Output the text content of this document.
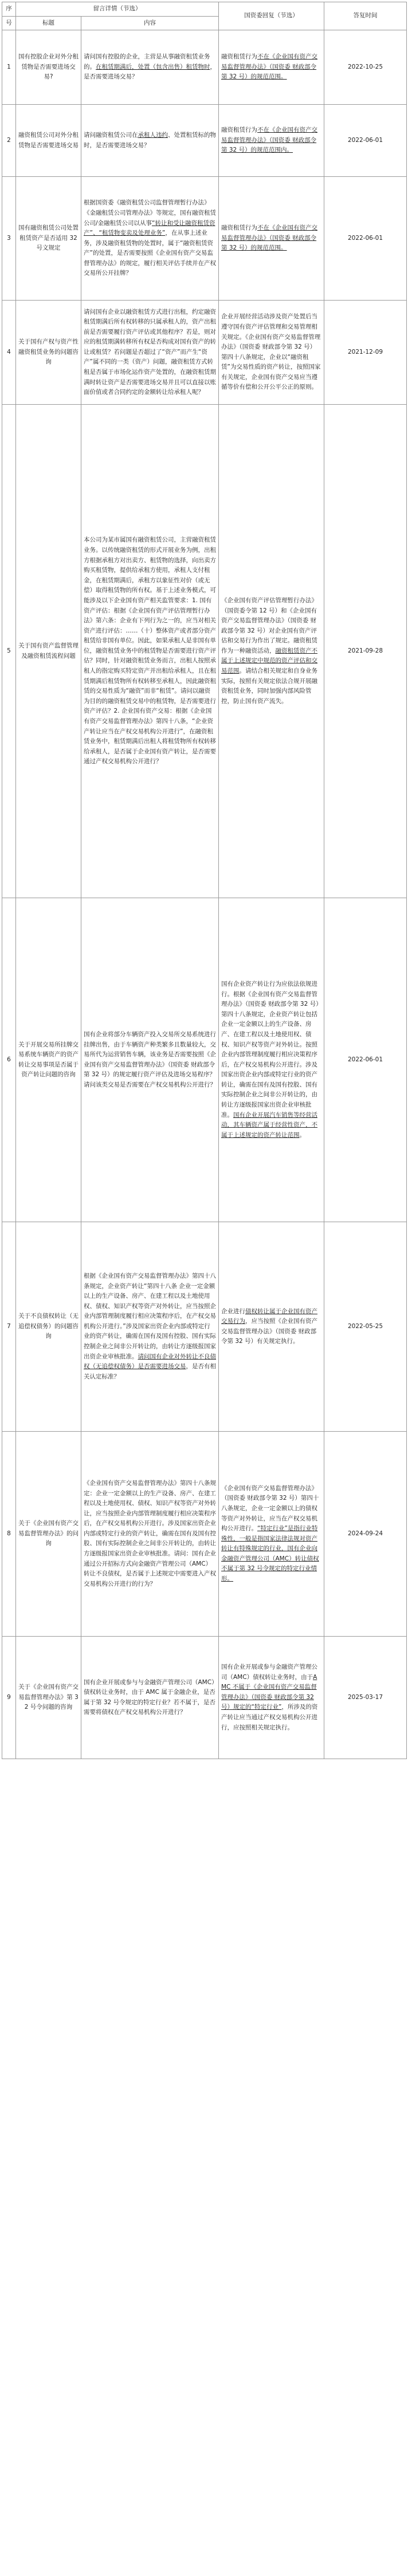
序	留言详情（节选）		国资委回复（节选）	答复时间
号	标题	内容		
1	国有控股企业对外分租赁物是否需要进场交易?	请问国有控股的企业，主营是从事融资租赁业务的。在租赁期满后，处置（包含出售）租赁物时，是否需要进场交易？	融资租赁行为不在《企业国有资产交易监督管理办法》（国资委 财政部令第 32 号）的规范范围。	2022-10-25
2	融资租赁公司对外分租赁物是否需要进场交易	请问融资租赁公司在承租人违约、处置租赁标的物时，是否需要进场交易？	融资租赁行为不在《企业国有资产交易监督管理办法》（国资委 财政部令第 32 号）的规范范围内。	2022-06-01
3	国有融资租赁公司处置租赁资产是否适用 32 号文规定	根据国资委《融资租赁公司监督管理暂行办法》《金融租赁公司管理办法》等规定，国有融资租赁公司/金融租赁公司以从事“转让和受让融资租赁资产”、“租赁物变卖及处理业务”，在从事上述业务，涉及融资租赁物的处置时，属于“融资租赁资产”的处置，是否需要按照《企业国有资产交易监督管理办法》的规定，履行相关评估手续并在产权交易所公开挂牌？	融资租赁行为不在《企业国有资产交易监督管理办法》（国资委 财政部令第 32 号）的规范范围。	2022-06-01
4	关于国有产权与资产性融资租赁业务的问题咨询	请问国有企业以融资租赁方式进行出租，约定融资租赁期满后所有权转移的只属承租人的，资产出租前是否需要履行资产评估或其他程序？若是，则对应的租赁期满转移所有权是否构成对国有资产的转让或租赁？若问题是否超过了“资产”而产生“资产”属不同的一类（资产）问题，融资租赁方式转租是否属于市场化运作资产处置的，在融资租赁期满时转让资产是否需要进场交易并且可以直接以账面价值或者合同约定的金额转让给承租人呢？	企业开展经营活动涉及资产处置后当遵守国有资产评估管理和交易管理相关规定。《企业国有资产交易监督管理办法》（国资委 财政部令第 32 号）第四十八条规定，企业以“融资租赁”为交易性质的资产转让，按照国家有关规定，企业国有资产交易应当遵循等价有偿和公开公平公正的原则。	2021-12-09
5	关于国有资产监督管理及融资租赁流程问题	本公司为某市属国有融资租赁公司，主营融资租赁业务。以传统融资租赁的形式开展业务为例，出租方根据承租方对出卖方、租赁物的选择，向出卖方购买租赁物，提供给承租方使用，承租人支付租金，在租赁期满后，承租方以象征性对价（或无偿）取得租赁物的所有权。基于上述业务模式，可能涉及以下企业国有资产相关监管要求：1. 国有资产评估：根据《企业国有资产评估管理暂行办法》第六条：企业有下列行为之一的，应当对相关资产进行评估：……（十）整体资产或者部分资产租赁给非国有单位。因此，如果承租人是非国有单位，融资租赁业务中的租赁物是否需要进行资产评估？同时，针对融资租赁业务而言，出租人按照承租人的指定购买特定资产并出租给承租人，且在租赁期满后租赁物所有权转移至承租人，因此融资租赁的交易性质为“融资”而非“租赁”。请问以融资为目的的融资租赁交易中的租赁物，是否需要进行资产评估？2. 企业国有资产交易：根据《企业国有资产交易监督管理办法》第四十八条，“企业资产转让应当在产权交易机构公开进行”，在融资租赁业务中，租赁期满后出租人将租赁物所有权转移给承租人，是否属于企业国有资产转让，是否需要通过产权交易机构公开进行？	《企业国有资产评估管理暂行办法》（国资委令第 12 号）和《企业国有资产交易监督管理办法》（国资委 财政部令第 32 号）对企业国有资产评估和交易行为作出了规定。融资租赁作为一种融资活动，融资租赁资产不属于上述规定中规范的资产评估和交易范围。请结合相关规定和自身业务实际，按照有关规定依法合规开展融资租赁业务，同时加强内部风险管控，防止国有资产流失。	2021-09-28
6	关于开展交易所挂牌交易系统车辆资产的资产转让交易事项是否属于资产转让问题的咨询	国有企业将部分车辆资产投入交易所交易系统进行挂牌出售，由于车辆资产种类繁多且数量较大，交易所代为运营销售车辆，该业务是否需要按照《企业国有资产交易监督管理办法》（国资委 财政部令第 32 号）的规定履行资产评估及进场交易程序？请问该类交易是否需要在产权交易机构公开进行？	国有企业资产转让行为应依法依规进行。根据《企业国有资产交易监督管理办法》（国资委 财政部令第 32 号）第四十八条规定，企业资产转让包括企业一定金额以上的生产设备、房产、在建工程以及土地使用权、债权、知识产权等资产对外转让。按照企业内部管理制度履行相应决策程序后，在产权交易机构公开进行。涉及国家出资企业内部或特定行业的资产转让，确需在国有及国有控股、国有实际控制企业之间非公开转让的，由转让方逐级报国家出资企业审核批准。国有企业开展汽车销售等经营活动，其车辆资产属于经营性资产，不属于上述规定的资产转让范围。	2022-06-01
7	关于不良债权转让（无追偿权债务）的问题咨询	根据《企业国有资产交易监督管理办法》第四十八条规定，企业资产转让“第四十八条 企业一定金额以上的生产设备、房产、在建工程以及土地使用权、债权、知识产权等资产对外转让，应当按照企业内部管理制度履行相应决策程序后，在产权交易机构公开进行。”涉及国家出资企业内部或特定行业的资产转让，确需在国有及国有控股、国有实际控制企业之间非公开转让的，由转让方逐级报国家出资企业审核批准。请问国有企业对外转让不良债权（无追偿权债务）是否需要进场交易，是否有相关认定标准？	企业进行债权转让属于企业国有资产交易行为，应当按照《企业国有资产交易监督管理办法》（国资委 财政部令第 32 号）有关规定执行。	2022-05-25
8	关于《企业国有资产交易监督管理办法》的问询	《企业国有资产交易监督管理办法》第四十八条规定：企业一定金额以上的生产设备、房产、在建工程以及土地使用权、债权、知识产权等资产对外转让，应当按照企业内部管理制度履行相应决策程序后，在产权交易机构公开进行。涉及国家出资企业内部或特定行业的资产转让，确需在国有及国有控股、国有实际控制企业之间非公开转让的，由转让方逐级报国家出资企业审核批准。请问：国有企业通过公开招标方式向金融资产管理公司（AMC）转让不良债权，是否属于上述规定中需要进入产权交易机构公开进行的行为？	《企业国有资产交易监督管理办法》（国资委 财政部令第 32 号）第四十八条规定，企业一定金额以上的债权等资产对外转让，应当在产权交易机构公开进行。“特定行业”是指行业特殊性，一般是指国家法律法规对资产转让有特殊规定的行业，国有企业向金融资产管理公司（AMC）转让债权不属于第 32 号令规定的特定行业情形。	2024-09-24
9	关于《企业国有资产交易监督管理办法》第 32 号令问题的咨询	国有企业开展或参与与金融资产管理公司（AMC）债权转让业务时，由于 AMC 属于金融企业，是否属于第 32 号令规定的特定行业？若不属于，是否需要将债权在产权交易机构公开进行？	国有企业开展或参与金融资产管理公司（AMC）债权转让业务时，由于AMC 不属于《企业国有资产交易监督管理办法》（国资委 财政部令第 32 号）规定的“特定行业”，所涉及的资产转让应当通过产权交易机构公开进行，应按照相关规定执行。	2025-03-17
